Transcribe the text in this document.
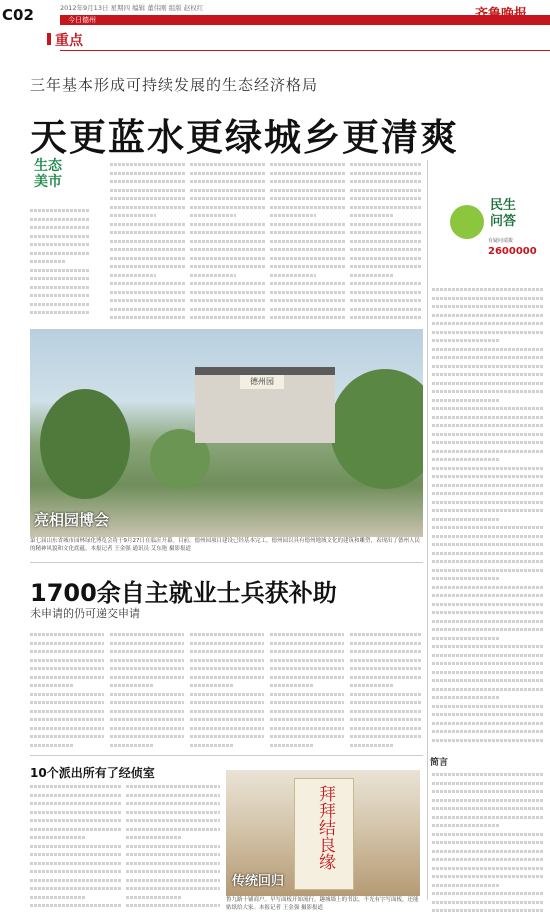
C02	2012年9月13日 星期四 编辑 董伟刚 组版 赵权红
今日德州
重点
三年基本形成可持续发展的生态经济格局
天更蓝水更绿城乡更清爽
生态美市
民生
问答
有疑问请拨
2600000
德州园
亮相园博会
第七届山东省城市园林绿化博览会将于9月27日在临沂开幕。目前，德州园项目建设已经基本完工，德州园以具有德州地域文化的建筑和雕塑，表现出了德州人民的精神风貌和文化底蕴。本报记者 王金强 通讯员 艾东艳 摄影报道
1700余自主就业士兵获补助
未申请的仍可递交申请
10个派出所有了经侦室
拜拜结良缘
传统回归
鲁九路十铺商户。早写面板开始流行。趣城墙上的书法，不光有字写面板，还能贴纸给大家。本报记者 王金强 摄影报道
简言
